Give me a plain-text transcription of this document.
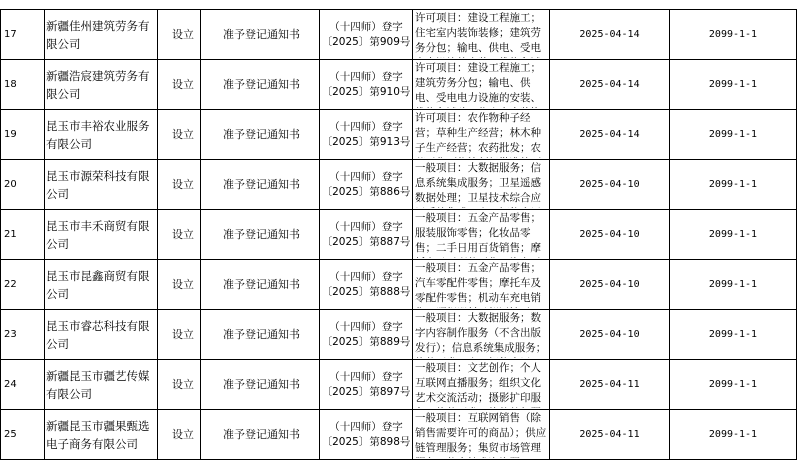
17	新疆佳州建筑劳务有限公司	设立	准予登记通知书	（十四师）登字〔2025〕第909号	许可项目：建设工程施工；住宅室内装饰装修；建筑劳务分包；输电、供电、受电	2025-04-14	2099-1-1
18	新疆浩宸建筑劳务有限公司	设立	准予登记通知书	（十四师）登字〔2025〕第910号	许可项目：建设工程施工；建筑劳务分包；输电、供电、受电电力设施的安装、	2025-04-14	2099-1-1
19	昆玉市丰裕农业服务有限公司	设立	准予登记通知书	（十四师）登字〔2025〕第913号	许可项目：农作物种子经营；草种生产经营；林木种子生产经营；农药批发；农	2025-04-14	2099-1-1
20	昆玉市源荣科技有限公司	设立	准予登记通知书	（十四师）登字〔2025〕第886号	一般项目：大数据服务；信息系统集成服务；卫星遥感数据处理；卫星技术综合应	2025-04-10	2099-1-1
21	昆玉市丰禾商贸有限公司	设立	准予登记通知书	（十四师）登字〔2025〕第887号	一般项目：五金产品零售；服装服饰零售；化妆品零售；二手日用百货销售；摩	2025-04-10	2099-1-1
22	昆玉市昆鑫商贸有限公司	设立	准予登记通知书	（十四师）登字〔2025〕第888号	一般项目：五金产品零售；汽车零配件零售；摩托车及零配件零售；机动车充电销	2025-04-10	2099-1-1
23	昆玉市睿芯科技有限公司	设立	准予登记通知书	（十四师）登字〔2025〕第889号	一般项目：大数据服务；数字内容制作服务（不含出版发行）；信息系统集成服务；	2025-04-10	2099-1-1
24	新疆昆玉市疆艺传媒有限公司	设立	准予登记通知书	（十四师）登字〔2025〕第897号	一般项目：文艺创作；个人互联网直播服务；组织文化艺术交流活动；摄影扩印服	2025-04-11	2099-1-1
25	新疆昆玉市疆果甄选电子商务有限公司	设立	准予登记通知书	（十四师）登字〔2025〕第898号	一般项目：互联网销售（除销售需要许可的商品）；供应链管理服务；集贸市场管理	2025-04-11	2099-1-1
